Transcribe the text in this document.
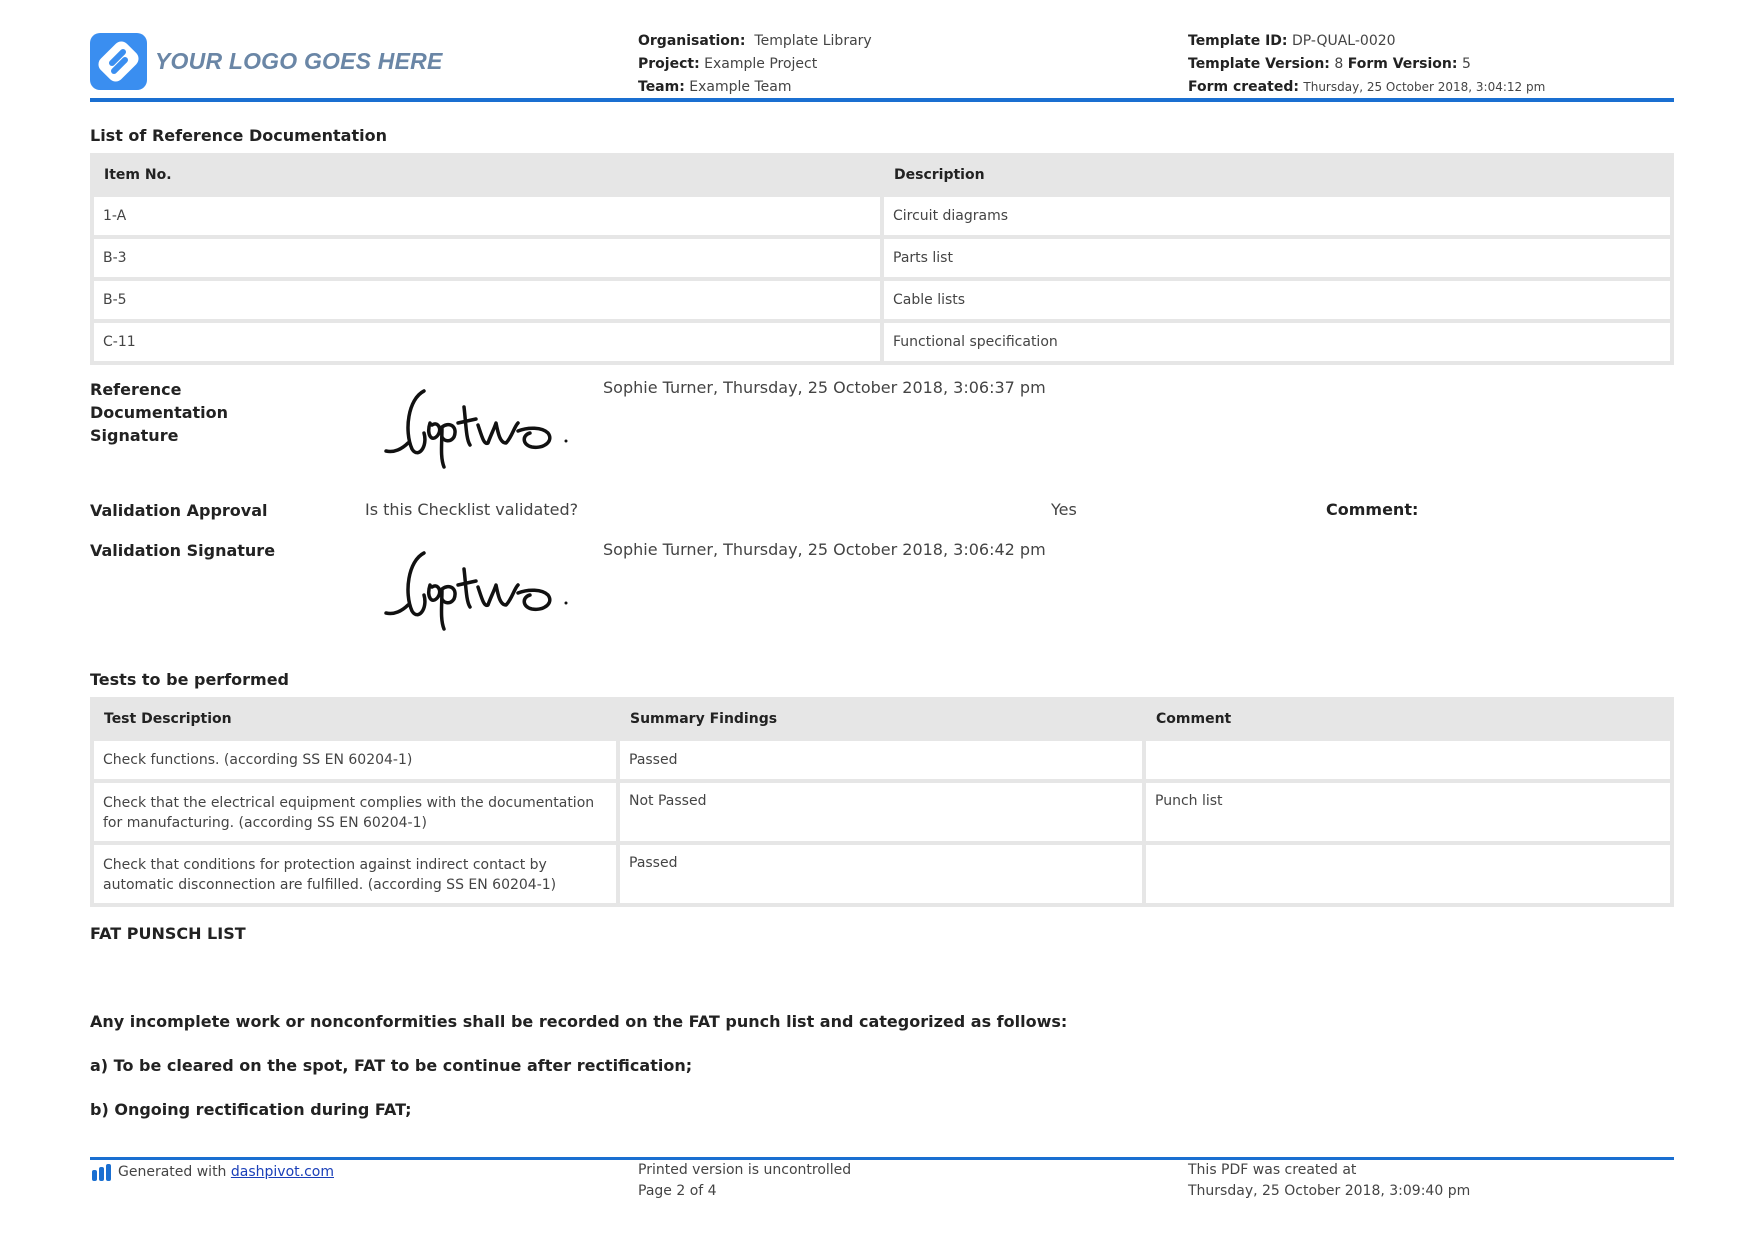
YOUR LOGO GOES HERE
Organisation: Template Library
Project: Example Project
Team: Example Team
Template ID: DP-QUAL-0020
Template Version: 8 Form Version: 5
Form created: Thursday, 25 October 2018, 3:04:12 pm
List of Reference Documentation
Item No.	Description
1-A	Circuit diagrams
B-3	Parts list
B-5	Cable lists
C-11	Functional specification
Reference Documentation Signature
Sophie Turner, Thursday, 25 October 2018, 3:06:37 pm
Validation Approval	Is this Checklist validated?	Yes	Comment:
Validation Signature	Sophie Turner, Thursday, 25 October 2018, 3:06:42 pm
Tests to be performed
Test Description	Summary Findings	Comment
Check functions. (according SS EN 60204-1)	Passed	
Check that the electrical equipment complies with the documentation for manufacturing. (according SS EN 60204-1)	Not Passed	Punch list
Check that conditions for protection against indirect contact by automatic disconnection are fulfilled. (according SS EN 60204-1)	Passed	
FAT PUNSCH LIST
Any incomplete work or nonconformities shall be recorded on the FAT punch list and categorized as follows:
a) To be cleared on the spot, FAT to be continue after rectification;
b) Ongoing rectification during FAT;
Generated with dashpivot.com	Printed version is uncontrolled
Page 2 of 4
This PDF was created at
Thursday, 25 October 2018, 3:09:40 pm
